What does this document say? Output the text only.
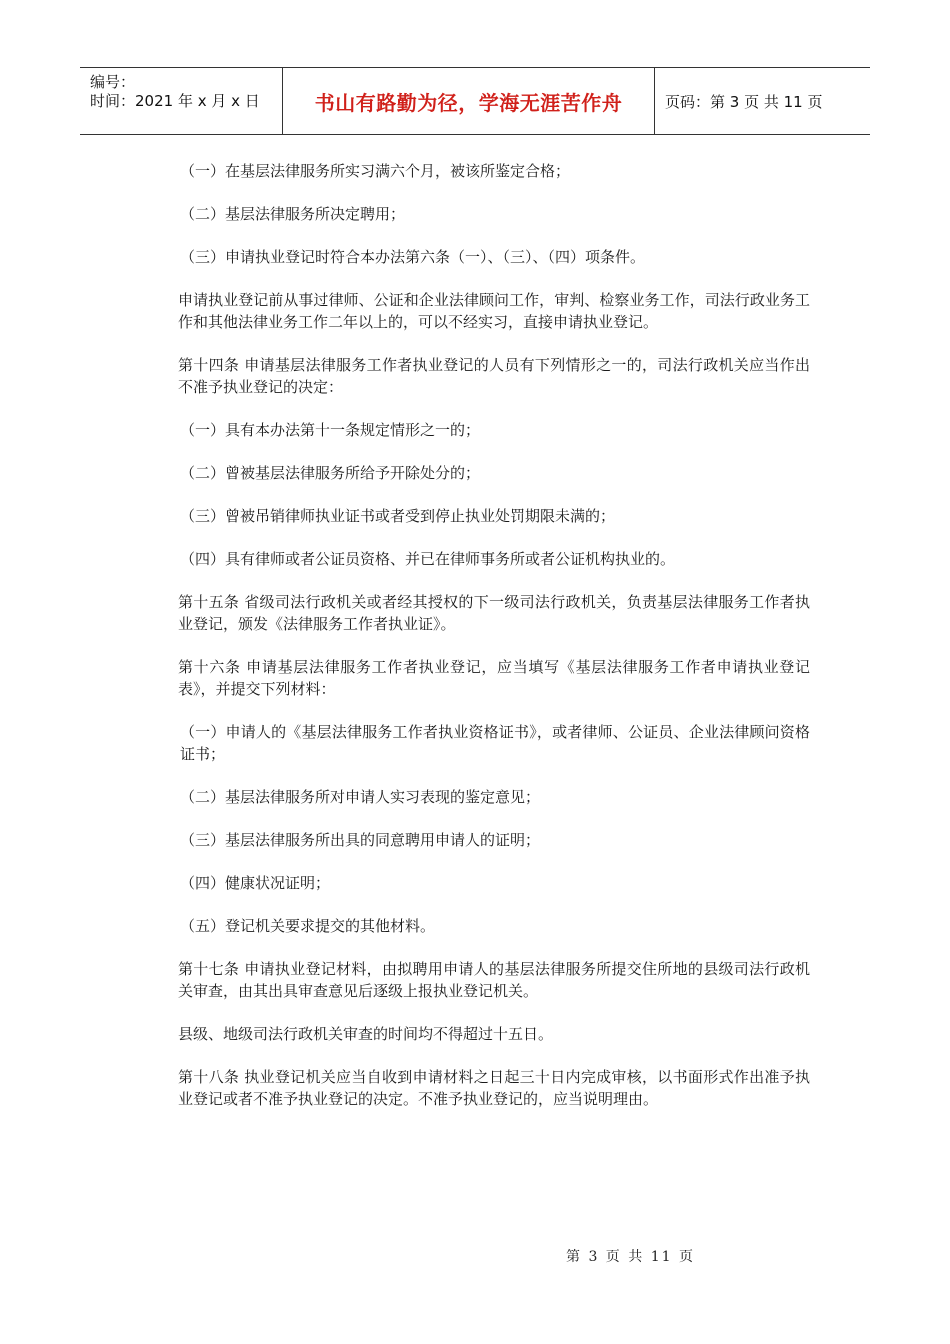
编号：
时间：2021 年 x 月 x 日	书山有路勤为径，学海无涯苦作舟	页码：第 3 页 共 11 页

（一）在基层法律服务所实习满六个月，被该所鉴定合格；

（二）基层法律服务所决定聘用；

（三）申请执业登记时符合本办法第六条（一）、（三）、（四）项条件。

申请执业登记前从事过律师、公证和企业法律顾问工作，审判、检察业务工作，司法行政业务工作和其他法律业务工作二年以上的，可以不经实习，直接申请执业登记。

第十四条 申请基层法律服务工作者执业登记的人员有下列情形之一的，司法行政机关应当作出不准予执业登记的决定：

（一）具有本办法第十一条规定情形之一的；

（二）曾被基层法律服务所给予开除处分的；

（三）曾被吊销律师执业证书或者受到停止执业处罚期限未满的；

（四）具有律师或者公证员资格、并已在律师事务所或者公证机构执业的。

第十五条 省级司法行政机关或者经其授权的下一级司法行政机关，负责基层法律服务工作者执业登记，颁发《法律服务工作者执业证》。

第十六条 申请基层法律服务工作者执业登记，应当填写《基层法律服务工作者申请执业登记表》，并提交下列材料：

（一）申请人的《基层法律服务工作者执业资格证书》，或者律师、公证员、企业法律顾问资格证书；

（二）基层法律服务所对申请人实习表现的鉴定意见；

（三）基层法律服务所出具的同意聘用申请人的证明；

（四）健康状况证明；

（五）登记机关要求提交的其他材料。

第十七条 申请执业登记材料，由拟聘用申请人的基层法律服务所提交住所地的县级司法行政机关审查，由其出具审查意见后逐级上报执业登记机关。

县级、地级司法行政机关审查的时间均不得超过十五日。

第十八条 执业登记机关应当自收到申请材料之日起三十日内完成审核，以书面形式作出准予执业登记或者不准予执业登记的决定。不准予执业登记的，应当说明理由。

第 3 页 共 11 页
